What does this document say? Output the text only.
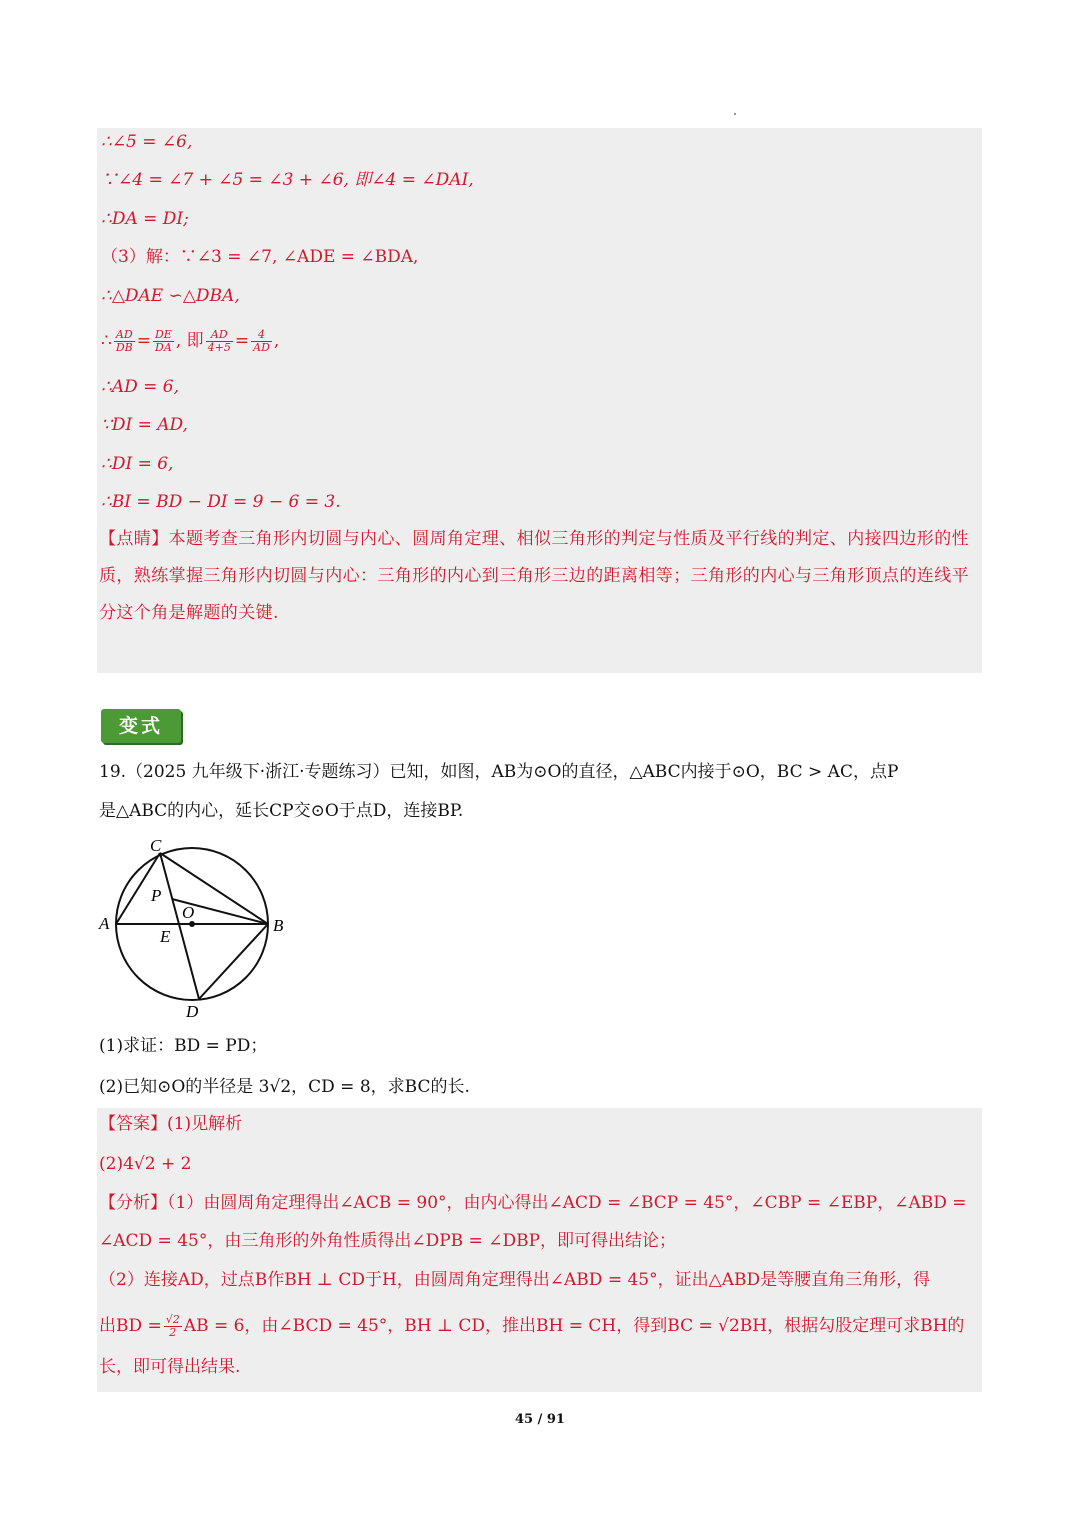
∴∠5 = ∠6,
∵∠4 = ∠7 + ∠5 = ∠3 + ∠6, 即∠4 = ∠DAI,
∴DA = DI;
（3）解：∵∠3 = ∠7, ∠ADE = ∠BDA,
∴△DAE ∽△DBA,
∴ $\frac{AD}{DB} = \frac{DE}{DA}$ , 即 $\frac{AD}{4+5} = \frac{4}{AD}$ ,
∴AD = 6,
∵DI = AD,
∴DI = 6,
∴BI = BD − DI = 9 − 6 = 3.
【点睛】本题考查三角形内切圆与内心、圆周角定理、相似三角形的判定与性质及平行线的判定、内接四边形的性质，熟练掌握三角形内切圆与内心：三角形的内心到三角形三边的距离相等；三角形的内心与三角形顶点的连线平分这个角是解题的关键.
变式
19.（2025 九年级下·浙江·专题练习）已知，如图，AB为⊙O的直径，△ABC内接于⊙O，BC > AC，点P
是△ABC的内心，延长CP交⊙O于点D，连接BP.
C
P
O
A
E
B
D
(1)求证：BD = PD；
(2)已知⊙O的半径是 3√2，CD = 8，求BC的长.
【答案】(1)见解析
(2)4√2 + 2
【分析】（1）由圆周角定理得出∠ACB = 90°，由内心得出∠ACD = ∠BCP = 45°，∠CBP = ∠EBP，∠ABD =
∠ACD = 45°，由三角形的外角性质得出∠DPB = ∠DBP，即可得出结论；
（2）连接AD，过点B作BH ⊥ CD于H，由圆周角定理得出∠ABD = 45°，证出△ABD是等腰直角三角形，得
出BD = $\frac{√2}{2}$ AB = 6，由∠BCD = 45°，BH ⊥ CD，推出BH = CH，得到BC = √2BH，根据勾股定理可求BH的
长，即可得出结果.
45 / 91
